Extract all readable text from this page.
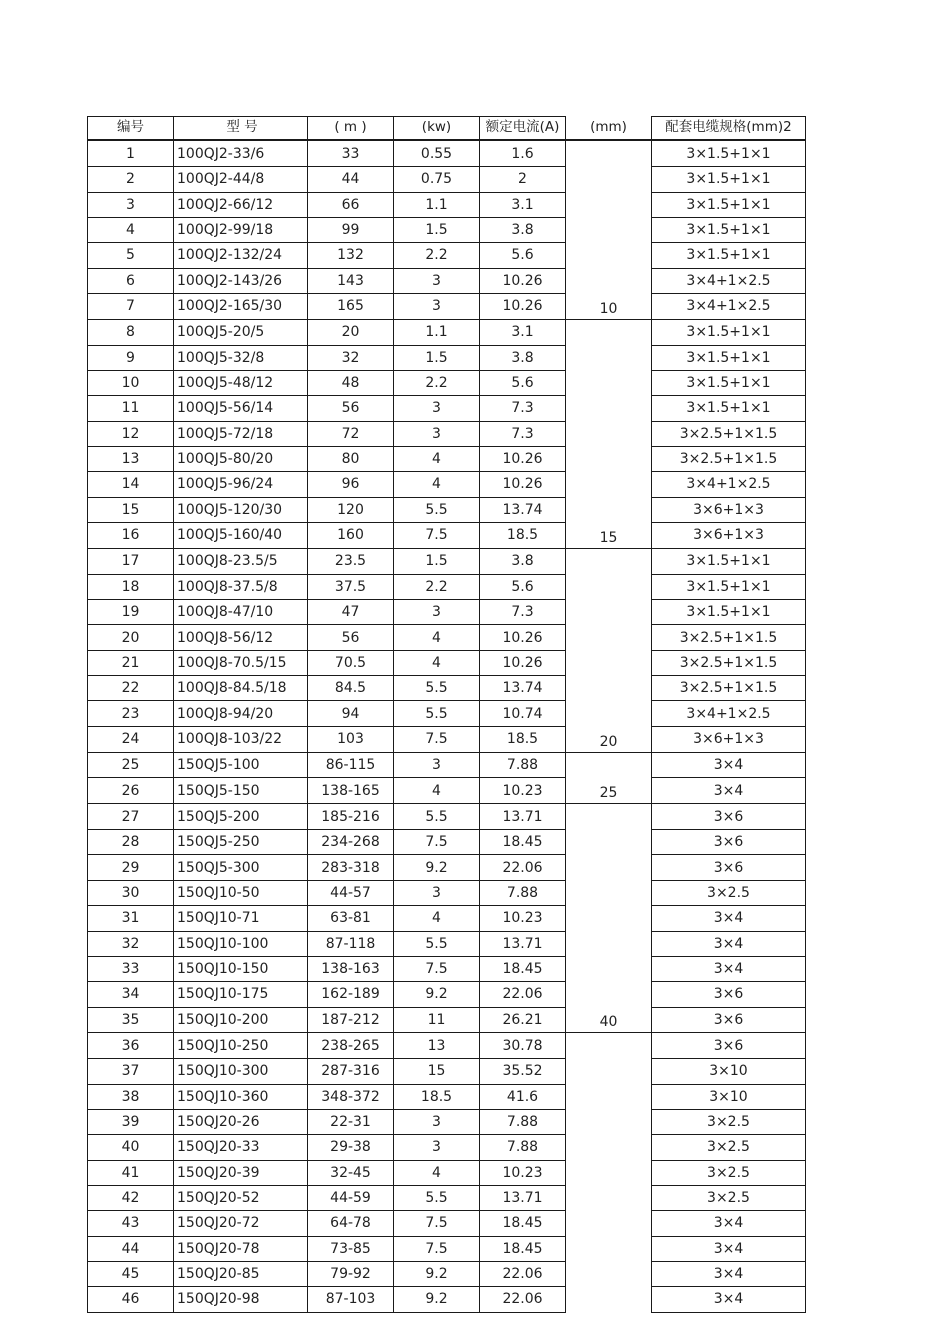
编号	型 号	( m )	(kw)	额定电流(A)	(mm)	配套电缆规格(mm)2
1	100QJ2-33/6	33	0.55	1.6		3×1.5+1×1
2	100QJ2-44/8	44	0.75	2		3×1.5+1×1
3	100QJ2-66/12	66	1.1	3.1		3×1.5+1×1
4	100QJ2-99/18	99	1.5	3.8		3×1.5+1×1
5	100QJ2-132/24	132	2.2	5.6		3×1.5+1×1
6	100QJ2-143/26	143	3	10.26		3×4+1×2.5
7	100QJ2-165/30	165	3	10.26	10	3×4+1×2.5
8	100QJ5-20/5	20	1.1	3.1		3×1.5+1×1
9	100QJ5-32/8	32	1.5	3.8		3×1.5+1×1
10	100QJ5-48/12	48	2.2	5.6		3×1.5+1×1
11	100QJ5-56/14	56	3	7.3		3×1.5+1×1
12	100QJ5-72/18	72	3	7.3		3×2.5+1×1.5
13	100QJ5-80/20	80	4	10.26		3×2.5+1×1.5
14	100QJ5-96/24	96	4	10.26		3×4+1×2.5
15	100QJ5-120/30	120	5.5	13.74		3×6+1×3
16	100QJ5-160/40	160	7.5	18.5	15	3×6+1×3
17	100QJ8-23.5/5	23.5	1.5	3.8		3×1.5+1×1
18	100QJ8-37.5/8	37.5	2.2	5.6		3×1.5+1×1
19	100QJ8-47/10	47	3	7.3		3×1.5+1×1
20	100QJ8-56/12	56	4	10.26		3×2.5+1×1.5
21	100QJ8-70.5/15	70.5	4	10.26		3×2.5+1×1.5
22	100QJ8-84.5/18	84.5	5.5	13.74		3×2.5+1×1.5
23	100QJ8-94/20	94	5.5	10.74		3×4+1×2.5
24	100QJ8-103/22	103	7.5	18.5	20	3×6+1×3
25	150QJ5-100	86-115	3	7.88		3×4
26	150QJ5-150	138-165	4	10.23	25	3×4
27	150QJ5-200	185-216	5.5	13.71		3×6
28	150QJ5-250	234-268	7.5	18.45		3×6
29	150QJ5-300	283-318	9.2	22.06		3×6
30	150QJ10-50	44-57	3	7.88		3×2.5
31	150QJ10-71	63-81	4	10.23		3×4
32	150QJ10-100	87-118	5.5	13.71		3×4
33	150QJ10-150	138-163	7.5	18.45		3×4
34	150QJ10-175	162-189	9.2	22.06		3×6
35	150QJ10-200	187-212	11	26.21	40	3×6
36	150QJ10-250	238-265	13	30.78		3×6
37	150QJ10-300	287-316	15	35.52		3×10
38	150QJ10-360	348-372	18.5	41.6		3×10
39	150QJ20-26	22-31	3	7.88		3×2.5
40	150QJ20-33	29-38	3	7.88		3×2.5
41	150QJ20-39	32-45	4	10.23		3×2.5
42	150QJ20-52	44-59	5.5	13.71		3×2.5
43	150QJ20-72	64-78	7.5	18.45		3×4
44	150QJ20-78	73-85	7.5	18.45		3×4
45	150QJ20-85	79-92	9.2	22.06		3×4
46	150QJ20-98	87-103	9.2	22.06		3×4
